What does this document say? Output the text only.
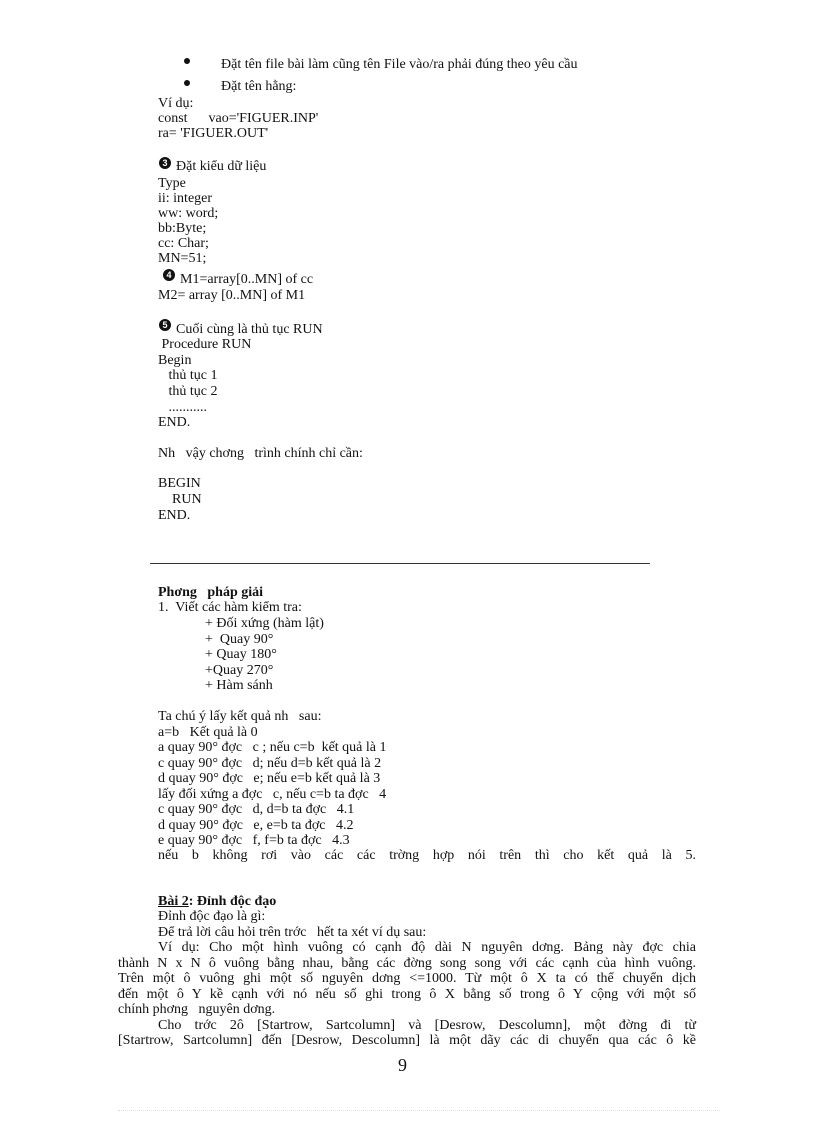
Đặt tên file bài làm cũng tên File vào/ra phải đúng theo yêu cầu
Đặt tên hằng:
Ví dụ:
const      vao='FIGUER.INP'
ra= 'FIGUER.OUT'
3 Đặt kiểu dữ liệu
Type
ii: integer
ww: word;
bb:Byte;
cc: Char;
MN=51;
4 M1=array[0..MN] of cc
M2= array [0..MN] of M1
5 Cuối cùng là thủ tục RUN
Procedure RUN
Begin
thủ tục 1
thủ tục 2
...........
END.
Nh   vậy chơng   trình chính chỉ cần:
BEGIN
RUN
END.
Phơng   pháp giải
1.  Viết các hàm kiểm tra:
+ Đối xứng (hàm lật)
+  Quay 90°
+ Quay 180°
+Quay 270°
+ Hàm sánh
Ta chú ý lấy kết quả nh   sau:
a=b   Kết quả là 0
a quay 90° đợc   c ; nếu c=b  kết quả là 1
c quay 90° đợc   d; nếu d=b kết quả là 2
d quay 90° đợc   e; nếu e=b kết quả là 3
lấy đối xứng a đợc   c, nếu c=b ta đợc   4
c quay 90° đợc   d, d=b ta đợc   4.1
d quay 90° đợc   e, e=b ta đợc   4.2
e quay 90° đợc   f, f=b ta đợc   4.3
nếu b không rơi vào các các trờng hợp nói trên thì cho kết quả là 5.
Bài 2: Đỉnh độc đạo
Đỉnh độc đạo là gì:
Để trả lời câu hỏi trên trớc   hết ta xét ví dụ sau:
Ví dụ: Cho một hình vuông có cạnh độ dài N nguyên dơng. Bảng này đợc chia
thành N x N ô vuông bằng nhau, bằng các đờng song song với các cạnh của hình vuông.
Trên một ô vuông ghi một số nguyên dơng <=1000. Từ một ô X ta có thể chuyển dịch
đến một ô Y kề cạnh với nó nếu số ghi trong ô X bằng số trong ô Y cộng với một số
chính phơng   nguyên dơng.
Cho trớc 2ô [Startrow, Sartcolumn] và [Desrow, Descolumn], một đờng đi từ
[Startrow, Sartcolumn] đến [Desrow, Descolumn] là một dãy các di chuyển qua các ô kề
9
